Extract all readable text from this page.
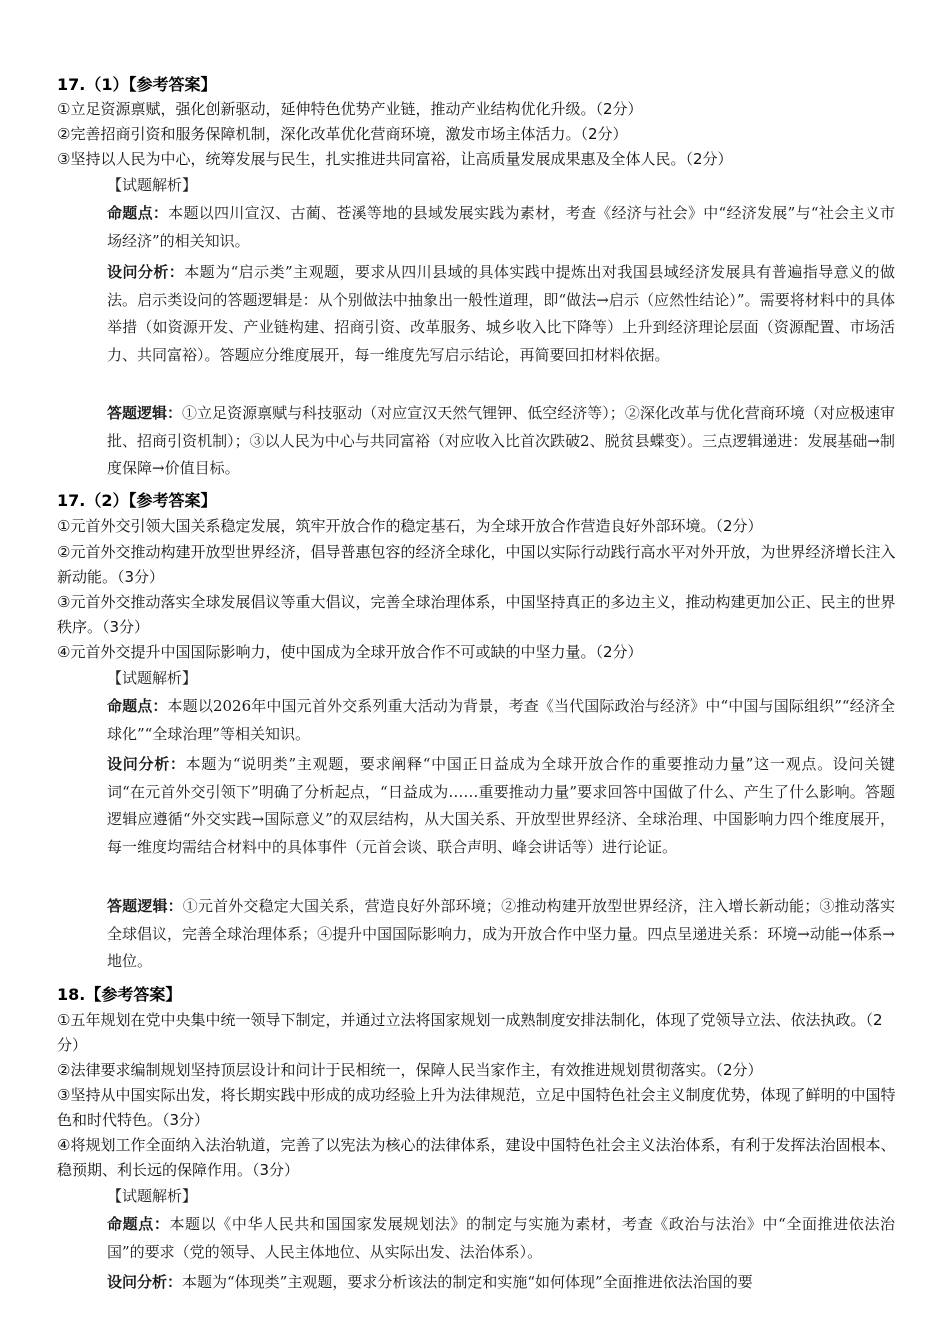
17.（1）【参考答案】
①立足资源禀赋，强化创新驱动，延伸特色优势产业链，推动产业结构优化升级。（2分）
②完善招商引资和服务保障机制，深化改革优化营商环境，激发市场主体活力。（2分）
③坚持以人民为中心，统筹发展与民生，扎实推进共同富裕，让高质量发展成果惠及全体人民。（2分）
【试题解析】
命题点：本题以四川宣汉、古蔺、苍溪等地的县域发展实践为素材，考查《经济与社会》中“经济发展”与“社会主义市场经济”的相关知识。
设问分析：本题为“启示类”主观题，要求从四川县域的具体实践中提炼出对我国县域经济发展具有普遍指导意义的做法。启示类设问的答题逻辑是：从个别做法中抽象出一般性道理，即“做法→启示（应然性结论）”。需要将材料中的具体举措（如资源开发、产业链构建、招商引资、改革服务、城乡收入比下降等）上升到经济理论层面（资源配置、市场活力、共同富裕）。答题应分维度展开，每一维度先写启示结论，再简要回扣材料依据。
答题逻辑：①立足资源禀赋与科技驱动（对应宣汉天然气锂钾、低空经济等）；②深化改革与优化营商环境（对应极速审批、招商引资机制）；③以人民为中心与共同富裕（对应收入比首次跌破2、脱贫县蝶变）。三点逻辑递进：发展基础→制度保障→价值目标。
17.（2）【参考答案】
①元首外交引领大国关系稳定发展，筑牢开放合作的稳定基石，为全球开放合作营造良好外部环境。（2分）
②元首外交推动构建开放型世界经济，倡导普惠包容的经济全球化，中国以实际行动践行高水平对外开放，为世界经济增长注入新动能。（3分）
③元首外交推动落实全球发展倡议等重大倡议，完善全球治理体系，中国坚持真正的多边主义，推动构建更加公正、民主的世界秩序。（3分）
④元首外交提升中国国际影响力，使中国成为全球开放合作不可或缺的中坚力量。（2分）
【试题解析】
命题点：本题以2026年中国元首外交系列重大活动为背景，考查《当代国际政治与经济》中“中国与国际组织”“经济全球化”“全球治理”等相关知识。
设问分析：本题为“说明类”主观题，要求阐释“中国正日益成为全球开放合作的重要推动力量”这一观点。设问关键词“在元首外交引领下”明确了分析起点，“日益成为……重要推动力量”要求回答中国做了什么、产生了什么影响。答题逻辑应遵循“外交实践→国际意义”的双层结构，从大国关系、开放型世界经济、全球治理、中国影响力四个维度展开，每一维度均需结合材料中的具体事件（元首会谈、联合声明、峰会讲话等）进行论证。
答题逻辑：①元首外交稳定大国关系，营造良好外部环境；②推动构建开放型世界经济，注入增长新动能；③推动落实全球倡议，完善全球治理体系；④提升中国国际影响力，成为开放合作中坚力量。四点呈递进关系：环境→动能→体系→地位。
18.【参考答案】
①五年规划在党中央集中统一领导下制定，并通过立法将国家规划一成熟制度安排法制化，体现了党领导立法、依法执政。（2分）
②法律要求编制规划坚持顶层设计和问计于民相统一，保障人民当家作主，有效推进规划贯彻落实。（2分）
③坚持从中国实际出发，将长期实践中形成的成功经验上升为法律规范，立足中国特色社会主义制度优势，体现了鲜明的中国特色和时代特色。（3分）
④将规划工作全面纳入法治轨道，完善了以宪法为核心的法律体系，建设中国特色社会主义法治体系，有利于发挥法治固根本、稳预期、利长远的保障作用。（3分）
【试题解析】
命题点：本题以《中华人民共和国国家发展规划法》的制定与实施为素材，考查《政治与法治》中“全面推进依法治国”的要求（党的领导、人民主体地位、从实际出发、法治体系）。
设问分析：本题为“体现类”主观题，要求分析该法的制定和实施“如何体现”全面推进依法治国的要
